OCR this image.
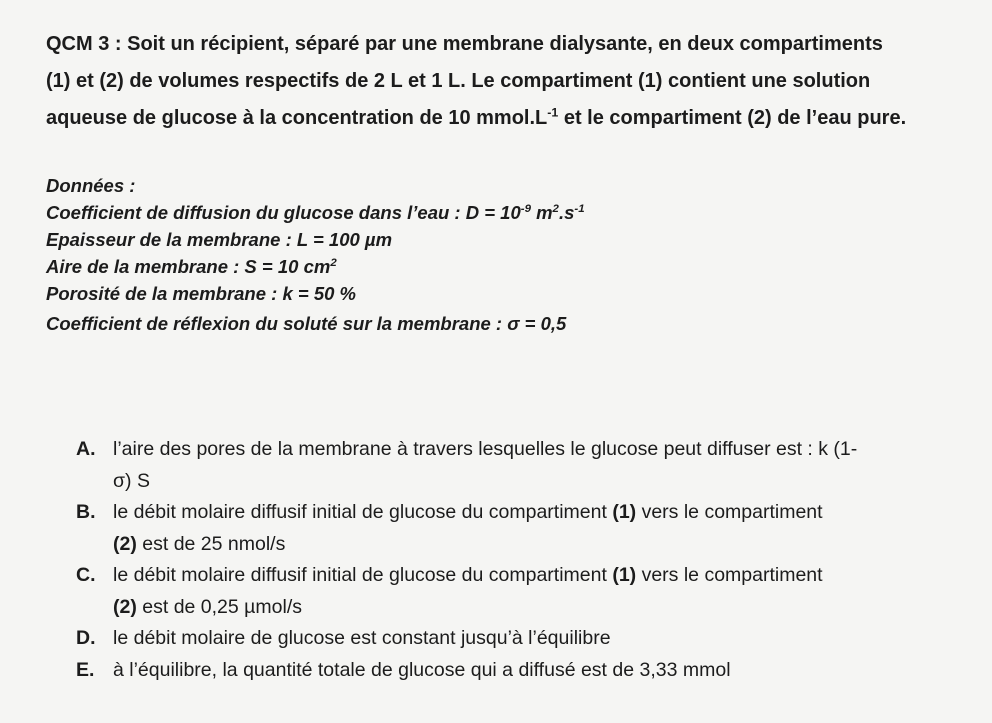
QCM 3 : Soit un récipient, séparé par une membrane dialysante, en deux compartiments
(1) et (2) de volumes respectifs de 2 L et 1 L. Le compartiment (1) contient une solution
aqueuse de glucose à la concentration de 10 $mmol.L^{-1}$ et le compartiment (2) de l’eau pure.
Données :
Coefficient de diffusion du glucose dans l’eau : $D = 10^{-9}$ $m^2.s^{-1}$
Epaisseur de la membrane : L = 100 µm
Aire de la membrane : S = 10 $cm^2$
Porosité de la membrane : k = 50 %
Coefficient de réflexion du soluté sur la membrane : σ = 0,5
A. l’aire des pores de la membrane à travers lesquelles le glucose peut diffuser est : k (1-
σ) S
B. le débit molaire diffusif initial de glucose du compartiment (1) vers le compartiment
(2) est de 25 nmol/s
C. le débit molaire diffusif initial de glucose du compartiment (1) vers le compartiment
(2) est de 0,25 µmol/s
D. le débit molaire de glucose est constant jusqu’à l’équilibre
E. à l’équilibre, la quantité totale de glucose qui a diffusé est de 3,33 mmol
